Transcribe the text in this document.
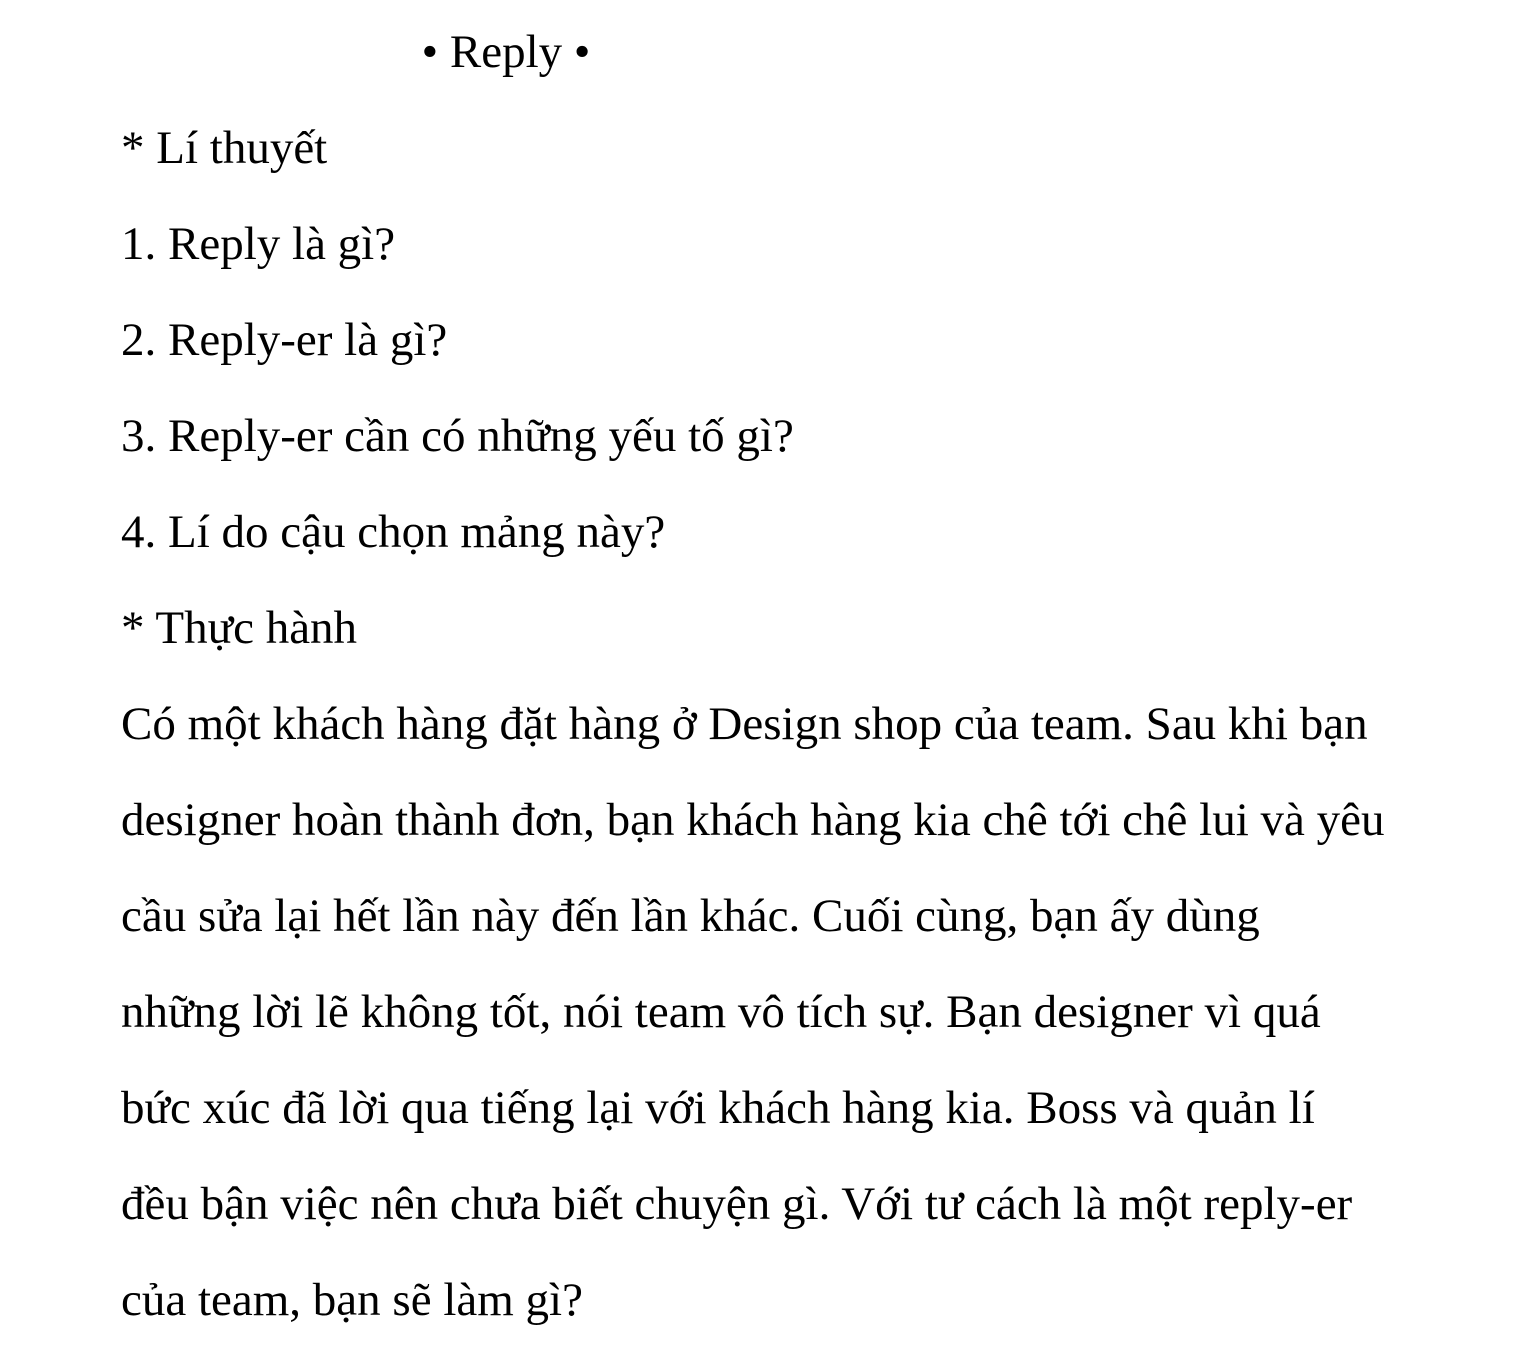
• Reply •

* Lí thuyết

1. Reply là gì?

2. Reply-er là gì?

3. Reply-er cần có những yếu tố gì?

4. Lí do cậu chọn mảng này?

* Thực hành

Có một khách hàng đặt hàng ở Design shop của team. Sau khi bạn
designer hoàn thành đơn, bạn khách hàng kia chê tới chê lui và yêu
cầu sửa lại hết lần này đến lần khác. Cuối cùng, bạn ấy dùng
những lời lẽ không tốt, nói team vô tích sự. Bạn designer vì quá
bức xúc đã lời qua tiếng lại với khách hàng kia. Boss và quản lí
đều bận việc nên chưa biết chuyện gì. Với tư cách là một reply-er
của team, bạn sẽ làm gì?
